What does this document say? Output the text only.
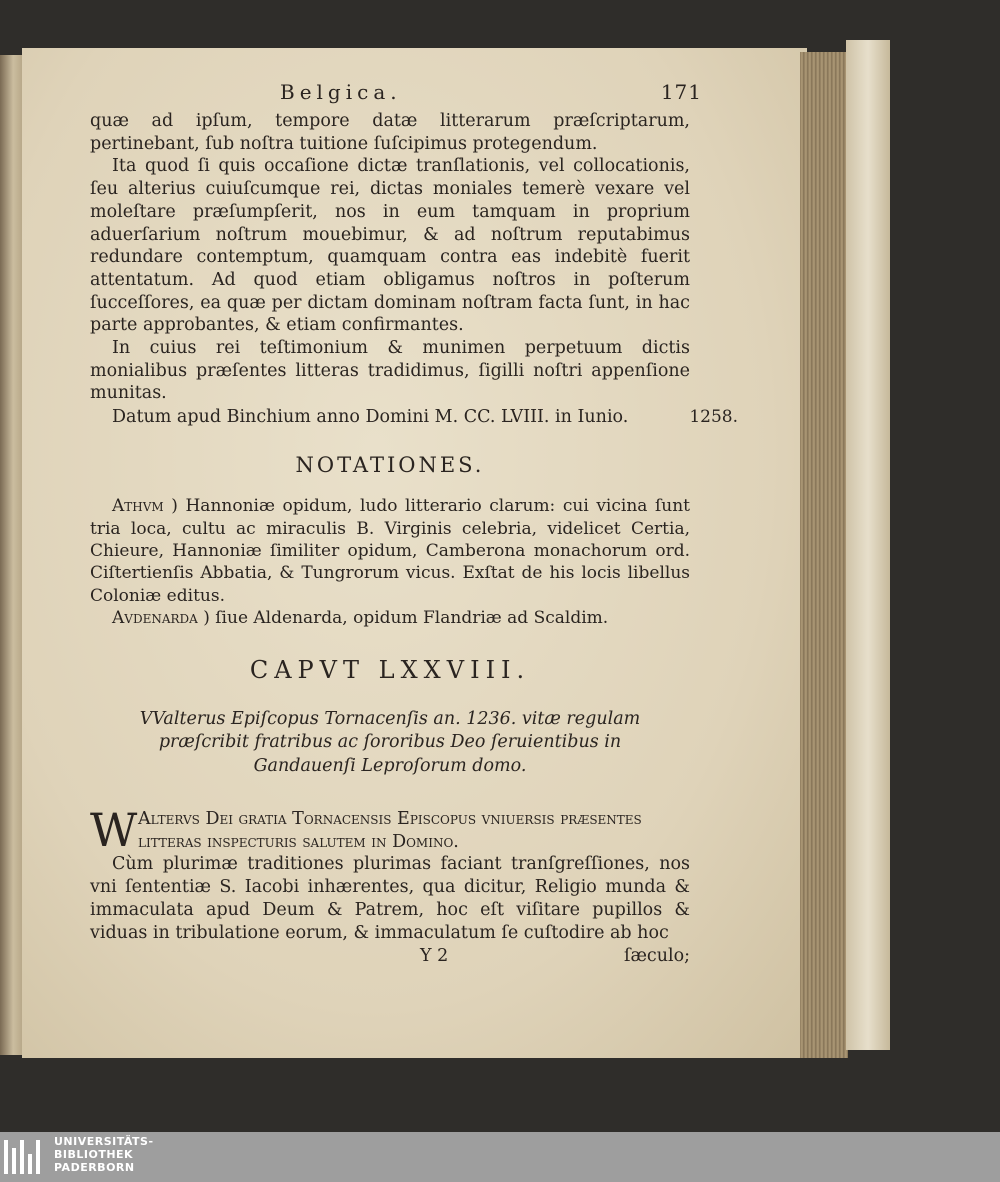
Belgica.	171

quæ ad ipſum, tempore datæ litterarum præſcriptarum, pertinebant, ſub noſtra tuitione ſuſcipimus protegendum.

Ita quod ſi quis occaſione dictæ tranſlationis, vel collocationis, ſeu alterius cuiuſcumque rei, dictas moniales temerè vexare vel moleſtare præſumpſerit, nos in eum tamquam in proprium aduerſarium noſtrum mouebimur, & ad noſtrum reputabimus redundare contemptum, quamquam contra eas indebitè fuerit attentatum. Ad quod etiam obligamus noſtros in poſterum ſucceſſores, ea quæ per dictam dominam noſtram facta ſunt, in hac parte approbantes, & etiam confirmantes.

In cuius rei teſtimonium & munimen perpetuum dictis monialibus præſentes litteras tradidimus, ſigilli noſtri appenſione munitas.

Datum apud Binchium anno Domini M. CC. LVIII. in Iunio.	1258.

NOTATIONES.

Athvm ) Hannoniæ opidum, ludo litterario clarum: cui vicina ſunt tria loca, cultu ac miraculis B. Virginis celebria, videlicet Certia, Chieure, Hannoniæ ſimiliter opidum, Camberona monachorum ord. Ciſtertienſis Abbatia, & Tungrorum vicus. Exſtat de his locis libellus Coloniæ editus.

Avdenarda ) ſiue Aldenarda, opidum Flandriæ ad Scaldim.

CAPVT LXXVIII.
VValterus Epiſcopus Tornacenſis an. 1236. vitæ regulam præſcribit fratribus ac ſororibus Deo ſeruientibus in Gandauenſi Leproſorum domo.
W Altervs Dei gratia Tornacenſis Epiſcopus vniuerſis præſentes litteras inſpecturis ſalutem in Domino.

Cùm plurimæ traditiones plurimas faciant tranſgreſſiones, nos vni ſententiæ S. Iacobi inhærentes, qua dicitur, Religio munda & immaculata apud Deum & Patrem, hoc eſt viſitare pupillos & viduas in tribulatione eorum, & immaculatum ſe cuſtodire ab hoc

Y 2	ſæculo;
UNIVERSITÄTS-
BIBLIOTHEK
PADERBORN
